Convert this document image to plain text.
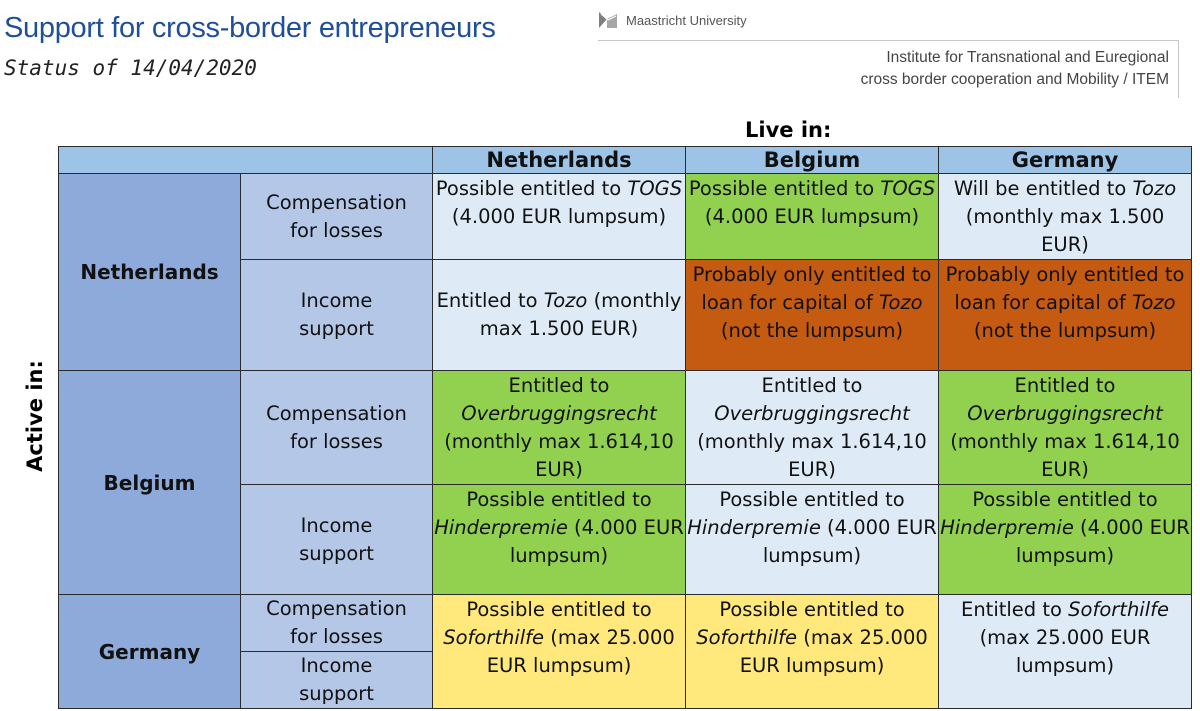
Support for cross-border entrepreneurs
Status of 14/04/2020
Maastricht University
Institute for Transnational and Euregional
cross border cooperation and Mobility / ITEM
Live in:
Active in:
		Netherlands	Belgium	Germany
Netherlands	Compensation
for losses	Possible entitled to TOGS (4.000 EUR lumpsum)	Possible entitled to TOGS (4.000 EUR lumpsum)	Will be entitled to Tozo (monthly max 1.500 EUR)

	Income
support	Entitled to Tozo (monthly max 1.500 EUR)	Probably only entitled to loan for capital of Tozo (not the lumpsum)	Probably only entitled to loan for capital of Tozo (not the lumpsum)

Belgium	Compensation
for losses	Entitled to Overbruggingsrecht (monthly max 1.614,10 EUR)	Entitled to Overbruggingsrecht (monthly max 1.614,10 EUR)	Entitled to Overbruggingsrecht (monthly max 1.614,10 EUR)

	Income
support	Possible entitled to Hinderpremie (4.000 EUR lumpsum)	Possible entitled to Hinderpremie (4.000 EUR lumpsum)	Possible entitled to Hinderpremie (4.000 EUR lumpsum)

Germany	Compensation
for losses	Possible entitled to Soforthilfe (max 25.000 EUR lumpsum)	Possible entitled to Soforthilfe (max 25.000 EUR lumpsum)	Entitled to Soforthilfe (max 25.000 EUR lumpsum)

	Income
support			
